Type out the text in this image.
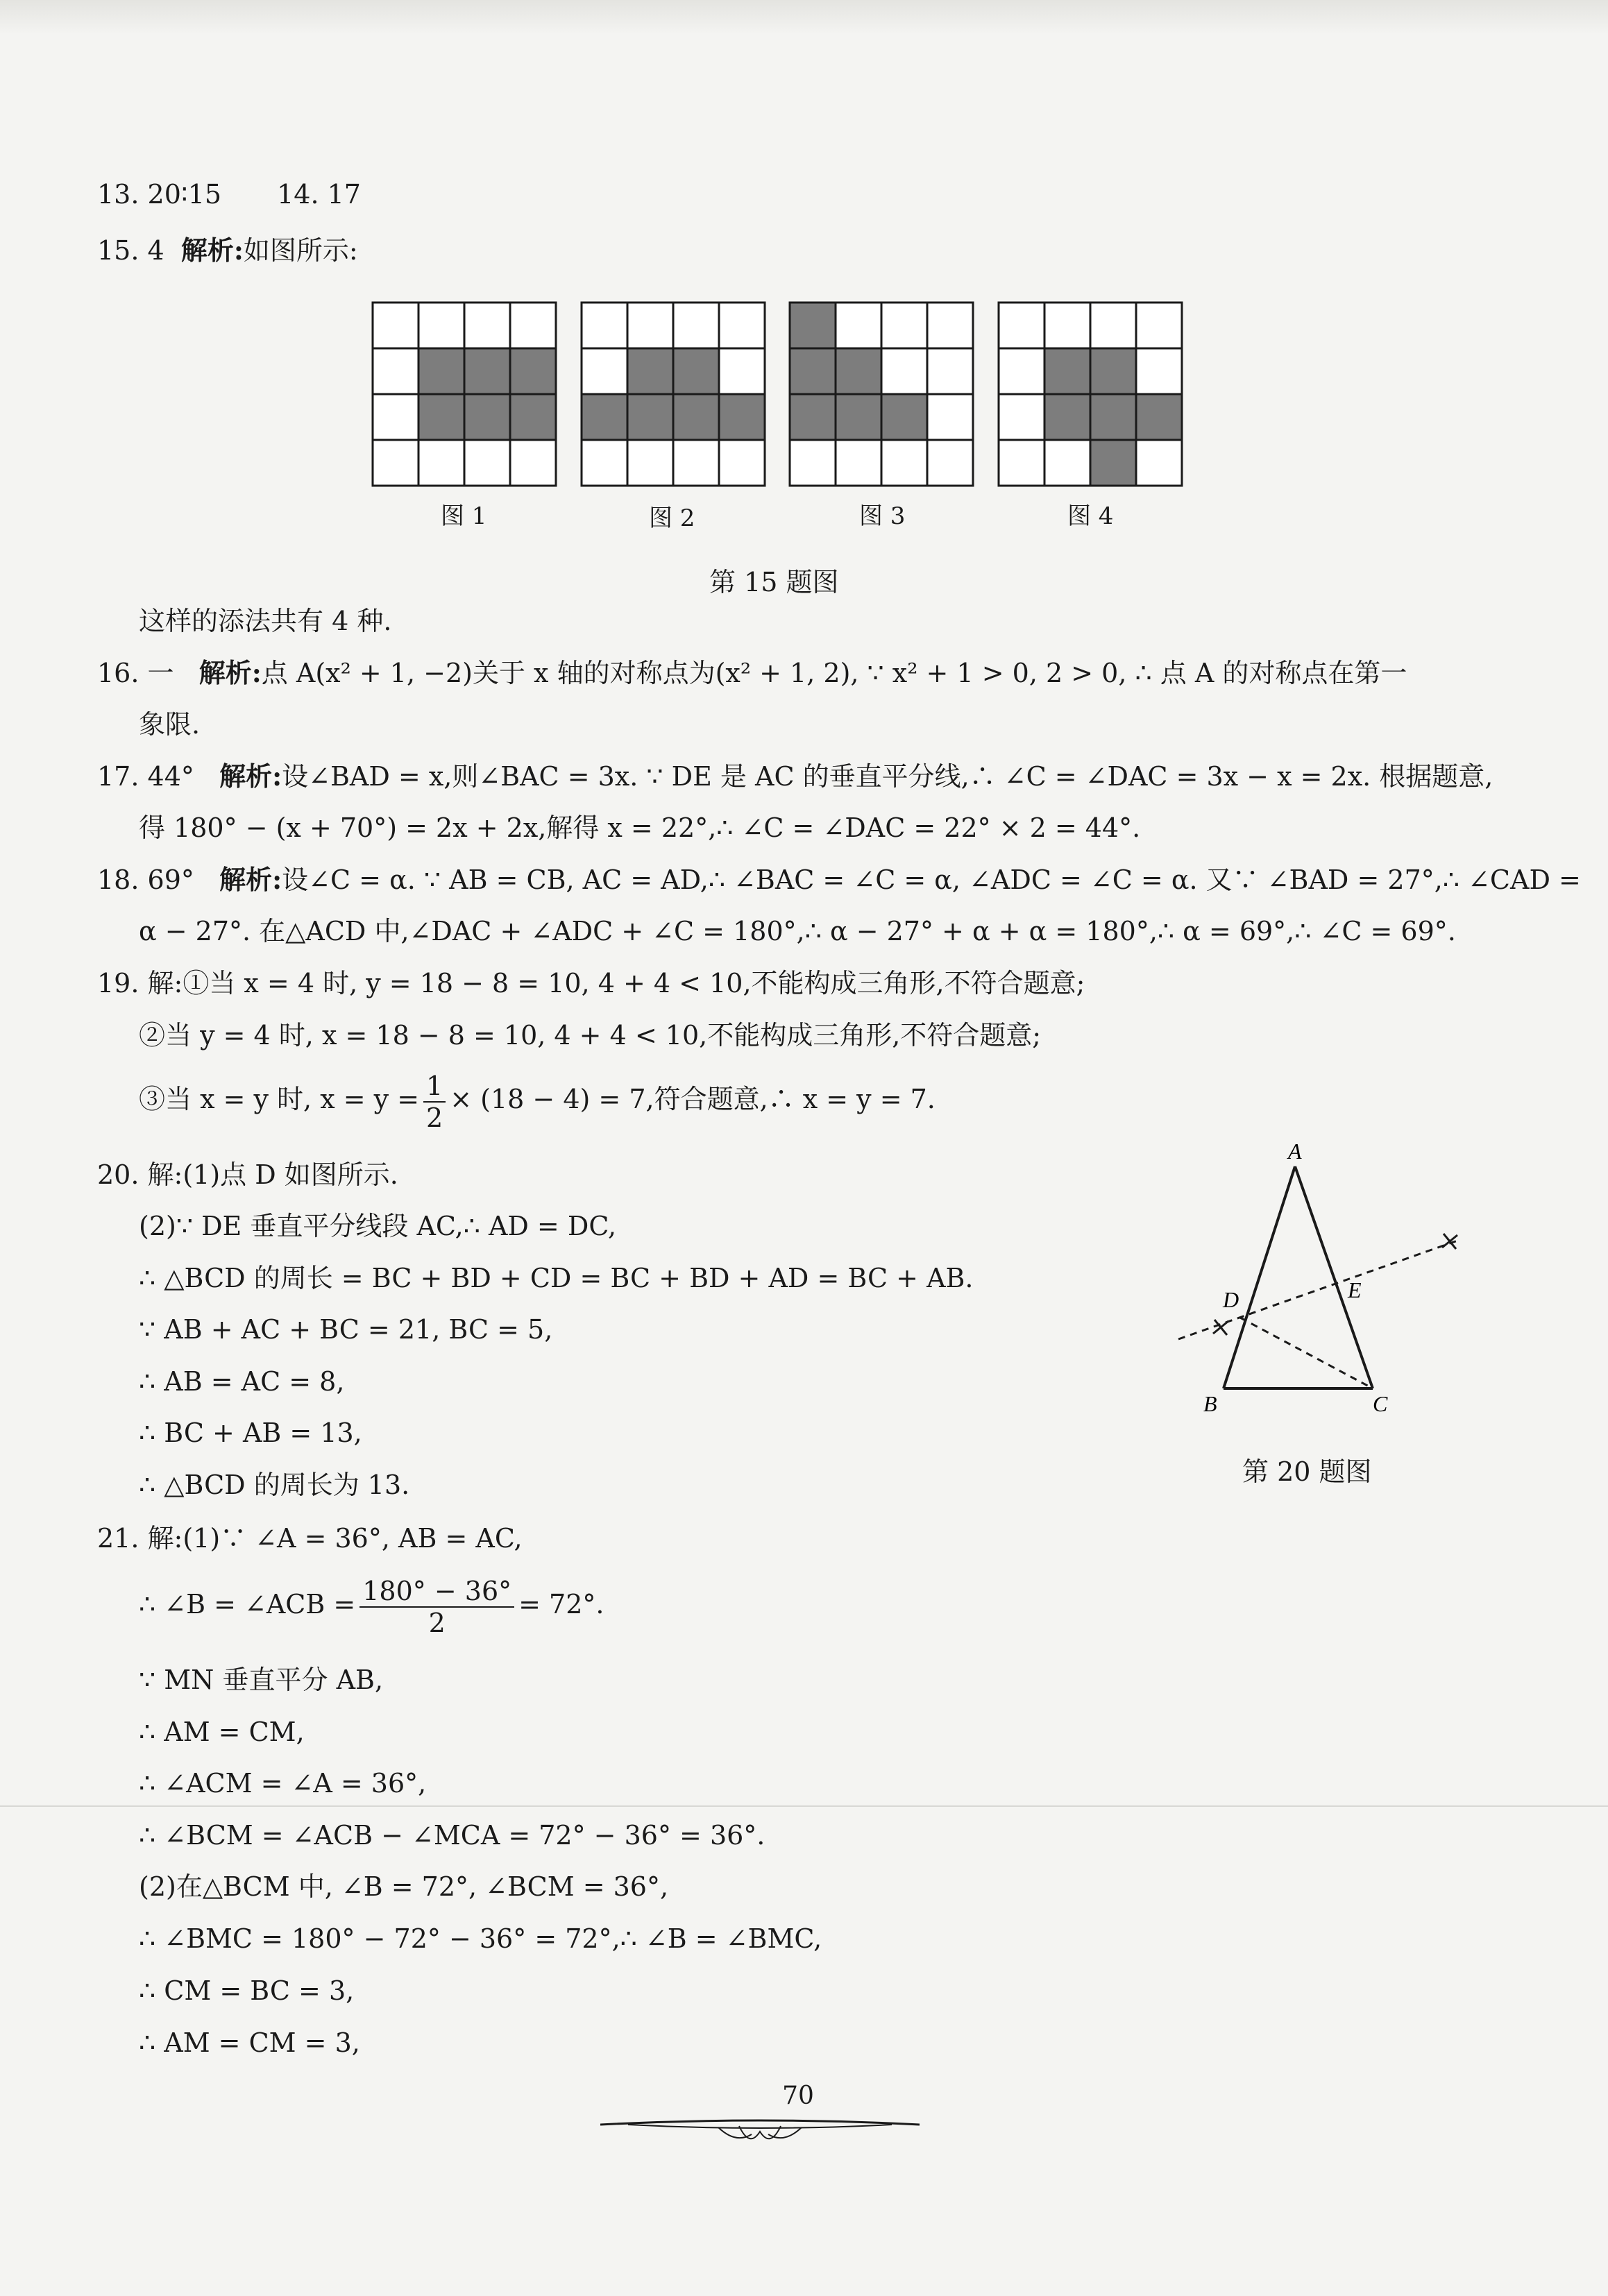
13. 20∶15 14. 17
15. 4 解析:如图所示:
图 1	图 2	图 3	图 4
第 15 题图
这样的添法共有 4 种.
16. 一 解析:点 A(x² + 1, −2)关于 x 轴的对称点为(x² + 1, 2), ∵ x² + 1 > 0, 2 > 0, ∴ 点 A 的对称点在第一
象限.
17. 44° 解析:设∠BAD = x,则∠BAC = 3x. ∵ DE 是 AC 的垂直平分线,∴ ∠C = ∠DAC = 3x − x = 2x. 根据题意,
得 180° − (x + 70°) = 2x + 2x,解得 x = 22°,∴ ∠C = ∠DAC = 22° × 2 = 44°.
18. 69° 解析:设∠C = α. ∵ AB = CB, AC = AD,∴ ∠BAC = ∠C = α, ∠ADC = ∠C = α. 又∵ ∠BAD = 27°,∴ ∠CAD =
α − 27°. 在△ACD 中,∠DAC + ∠ADC + ∠C = 180°,∴ α − 27° + α + α = 180°,∴ α = 69°,∴ ∠C = 69°.
19. 解:①当 x = 4 时, y = 18 − 8 = 10, 4 + 4 < 10,不能构成三角形,不符合题意;
②当 y = 4 时, x = 18 − 8 = 10, 4 + 4 < 10,不能构成三角形,不符合题意;
③当 x = y 时, $x = y = \frac{1}{2} \times (18 - 4) = 7$,符合题意,∴ x = y = 7.
20. 解:(1)点 D 如图所示.
(2)∵ DE 垂直平分线段 AC,∴ AD = DC,
∴ △BCD 的周长 = BC + BD + CD = BC + BD + AD = BC + AB.
∵ AB + AC + BC = 21, BC = 5,
∴ AB = AC = 8,
∴ BC + AB = 13,
∴ △BCD 的周长为 13.
A
B	C
D	E
第 20 题图
21. 解:(1)∵ ∠A = 36°, AB = AC,
∴ ∠B = ∠ACB = $\frac{180^\circ - 36^\circ}{2} = 72^\circ$.
∵ MN 垂直平分 AB,
∴ AM = CM,
∴ ∠ACM = ∠A = 36°,
∴ ∠BCM = ∠ACB − ∠MCA = 72° − 36° = 36°.
(2)在△BCM 中, ∠B = 72°, ∠BCM = 36°,
∴ ∠BMC = 180° − 72° − 36° = 72°,∴ ∠B = ∠BMC,
∴ CM = BC = 3,
∴ AM = CM = 3,
70
